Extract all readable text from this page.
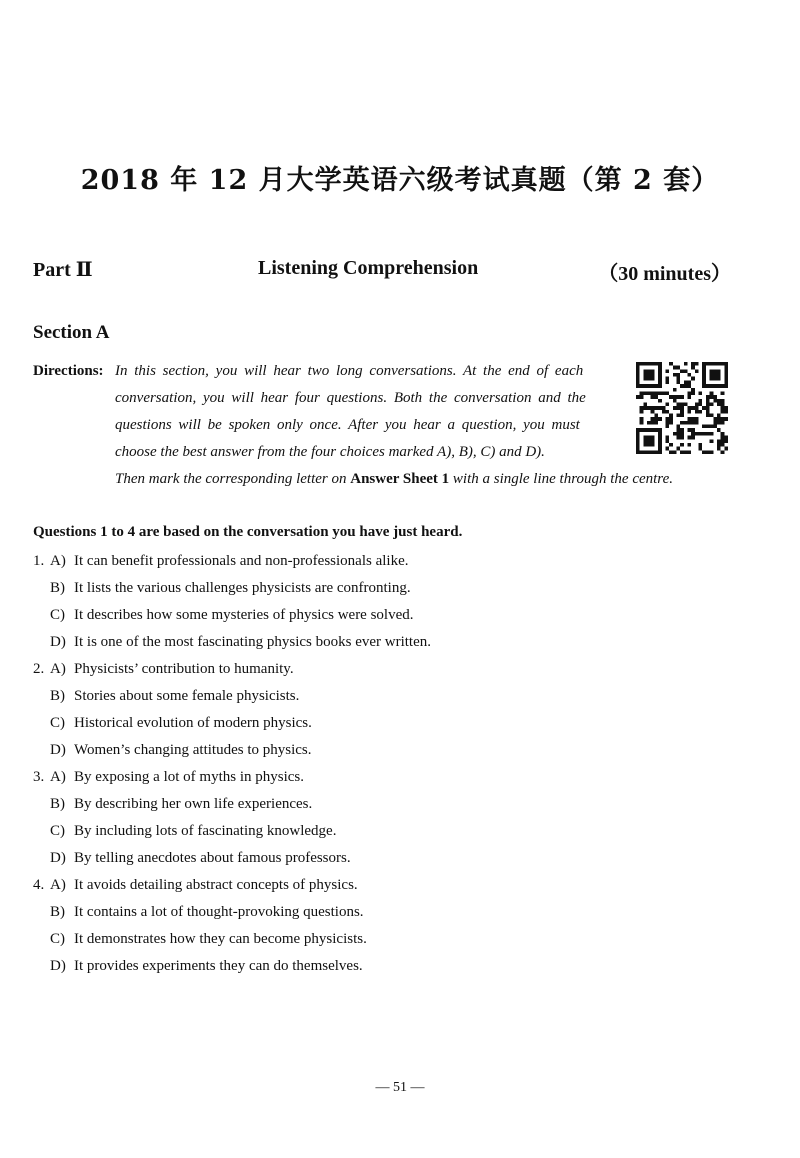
2018 年 12 月大学英语六级考试真题（第 2 套）
Part Ⅱ	Listening Comprehension	（30 minutes）
Section A
Directions: In this section, you will hear two long conversations. At the end of each
conversation, you will hear four questions. Both the conversation and the
questions will be spoken only once. After you hear a question, you must
choose the best answer from the four choices marked A), B), C) and D).
Then mark the corresponding letter on Answer Sheet 1 with a single line through the centre.
Questions 1 to 4 are based on the conversation you have just heard.
1. A) It can benefit professionals and non-professionals alike.
B) It lists the various challenges physicists are confronting.
C) It describes how some mysteries of physics were solved.
D) It is one of the most fascinating physics books ever written.
2. A) Physicists’ contribution to humanity.
B) Stories about some female physicists.
C) Historical evolution of modern physics.
D) Women’s changing attitudes to physics.
3. A) By exposing a lot of myths in physics.
B) By describing her own life experiences.
C) By including lots of fascinating knowledge.
D) By telling anecdotes about famous professors.
4. A) It avoids detailing abstract concepts of physics.
B) It contains a lot of thought-provoking questions.
C) It demonstrates how they can become physicists.
D) It provides experiments they can do themselves.
— 51 —
